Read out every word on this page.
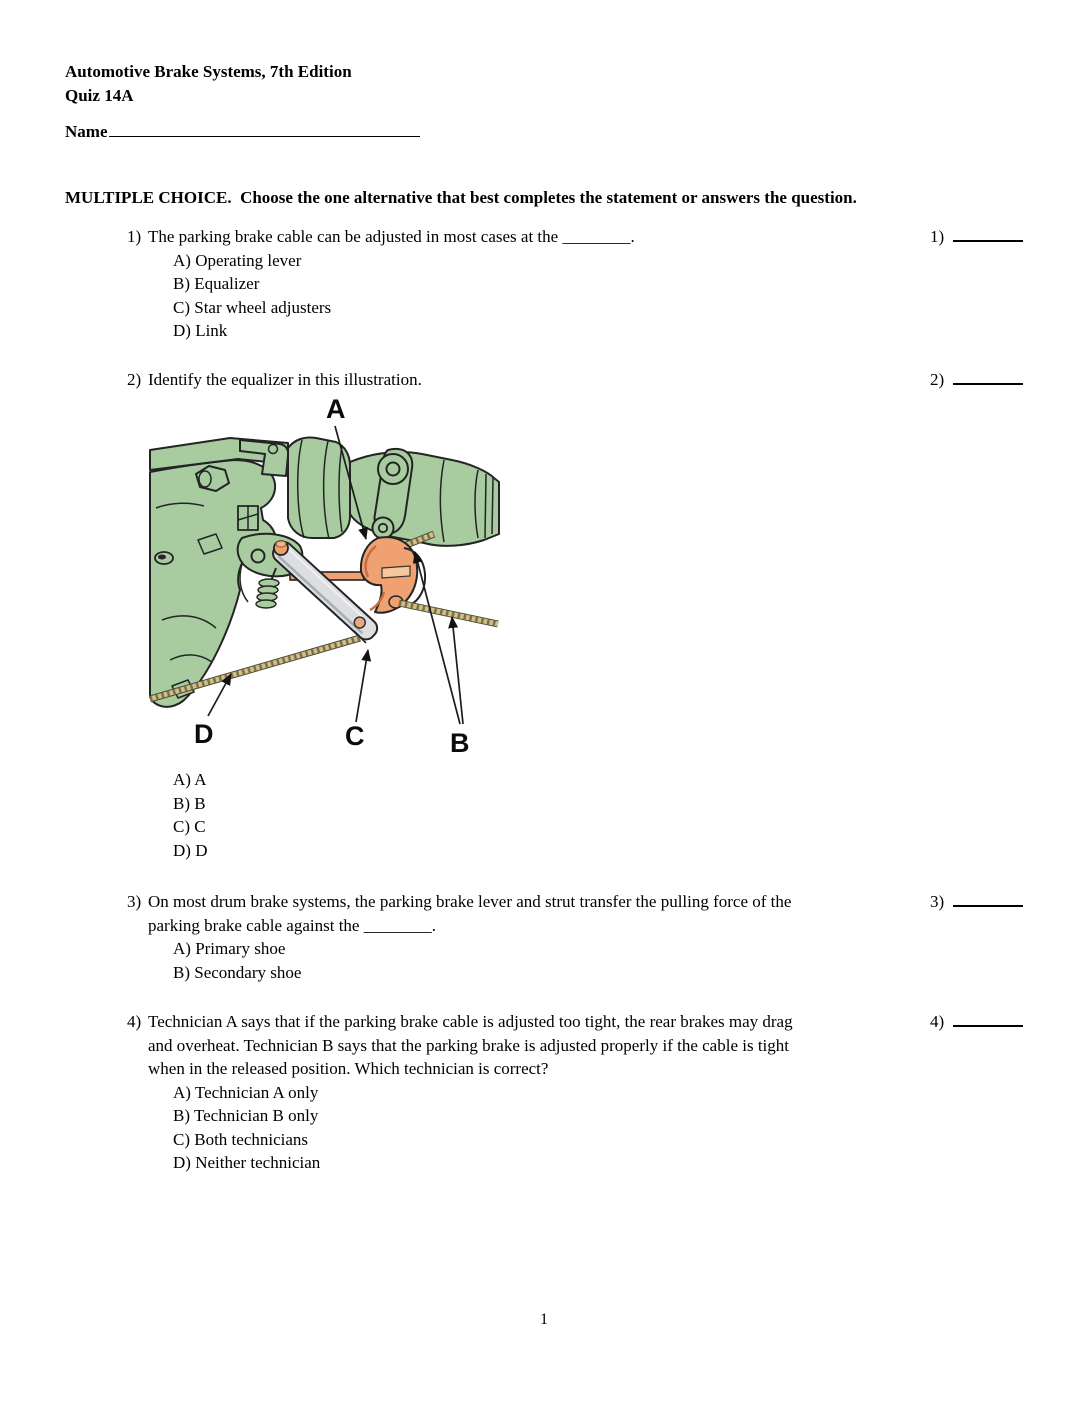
Automotive Brake Systems, 7th Edition
Quiz 14A
Name
MULTIPLE CHOICE.  Choose the one alternative that best completes the statement or answers the question.
1) The parking brake cable can be adjusted in most cases at the ________.
A) Operating lever
B) Equalizer
C) Star wheel adjusters
D) Link
1)
2) Identify the equalizer in this illustration.	2)
A
B
C
D
A) A
B) B
C) C
D) D
3) On most drum brake systems, the parking brake lever and strut transfer the pulling force of the
parking brake cable against the ________.
A) Primary shoe
B) Secondary shoe
3)
4) Technician A says that if the parking brake cable is adjusted too tight, the rear brakes may drag
and overheat. Technician B says that the parking brake is adjusted properly if the cable is tight
when in the released position. Which technician is correct?
A) Technician A only
B) Technician B only
C) Both technicians
D) Neither technician
4)
1
